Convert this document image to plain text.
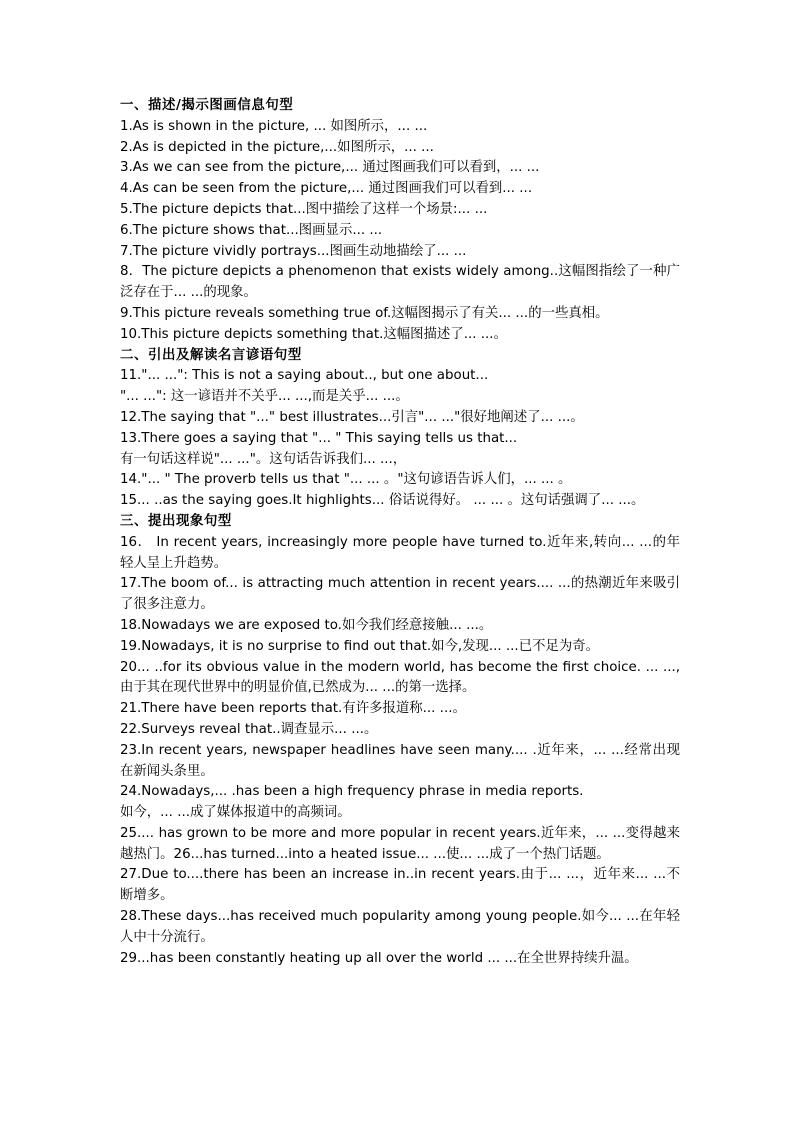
一、描述/揭示图画信息句型
1.As is shown in the picture, ... 如图所示，... ...
2.As is depicted in the picture,...如图所示，... ...
3.As we can see from the picture,... 通过图画我们可以看到，... ...
4.As can be seen from the picture,... 通过图画我们可以看到... ...
5.The picture depicts that...图中描绘了这样一个场景:... ...
6.The picture shows that...图画显示... ...
7.The picture vividly portrays...图画生动地描绘了... ...
8．The picture depicts a phenomenon that exists widely among..这幅图指绘了一种广泛存在于... ...的现象。
9.This picture reveals something true of.这幅图揭示了有关... ...的一些真相。
10.This picture depicts something that.这幅图描述了... ...。
二、引出及解读名言谚语句型
11."... ...": This is not a saying about.., but one about...
"... ...": 这一谚语并不关乎... ...,而是关乎... ...。
12.The saying that "..." best illustrates...引言"... ..."很好地阐述了... ...。
13.There goes a saying that "... " This saying tells us that...
有一句话这样说"... ..."。这句话告诉我们... ...，
14."... " The proverb tells us that "... ... 。"这句谚语告诉人们，... ... 。
15... ..as the saying goes.It highlights... 俗话说得好。 ... ... 。这句话强调了... ...。
三、提出现象句型
16． In recent years, increasingly more people have turned to.近年来,转向... ...的年轻人呈上升趋势。
17.The boom of... is attracting much attention in recent years.... ...的热潮近年来吸引了很多注意力。
18.Nowadays we are exposed to.如今我们经意接触... ...。
19.Nowadays, it is no surprise to find out that.如今,发现... ...已不足为奇。
20... ..for its obvious value in the modern world, has become the first choice. ... ...,由于其在现代世界中的明显价值,已然成为... ...的第一选择。
21.There have been reports that.有许多报道称... ...。
22.Surveys reveal that..调查显示... ...。
23.In recent years, newspaper headlines have seen many.... .近年来，... ...经常出现在新闻头条里。
24.Nowadays,... .has been a high frequency phrase in media reports.
如今，... ...成了媒体报道中的高频词。
25.... has grown to be more and more popular in recent years.近年来，... ...变得越来越热门。26...has turned...into a heated issue... ...使... ...成了一个热门话题。
27.Due to....there has been an increase in..in recent years.由于... ...，近年来... ...不断增多。
28.These days...has received much popularity among young people.如今... ...在年轻人中十分流行。
29...has been constantly heating up all over the world ... ...在全世界持续升温。
